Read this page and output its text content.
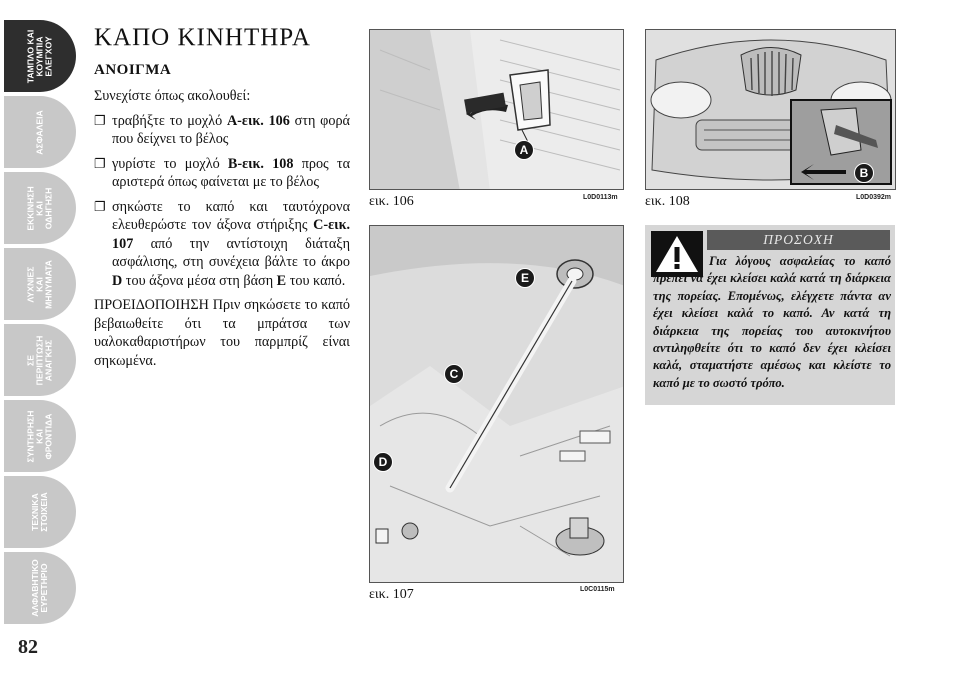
ΤΑΜΠΛΟ ΚΑΙ
ΚΟΥΜΠΙΑ
ΕΛΕΓΧΟΥ
ΑΣΦΑΛΕΙΑ
ΕΚΚΙΝΗΣΗ
ΚΑΙ
ΟΔΗΓΗΣΗ
ΛΥΧΝΙΕΣ
ΚΑΙ
ΜΗΝΥΜΑΤΑ
ΣΕ
ΠΕΡΙΠΤΩΣΗ
ΑΝΑΓΚΗΣ
ΣΥΝΤΗΡΗΣΗ
ΚΑΙ
ΦΡΟΝΤΙΔΑ
ΤΕΧΝΙΚΑ
ΣΤΟΙΧΕΙΑ
ΑΛΦΑΒΗΤΙΚΟ
ΕΥΡΕΤΗΡΙΟ
82
ΚΑΠΟ ΚΙΝΗΤΗΡΑ
ΑΝΟΙΓΜΑ

Συνεχίστε όπως ακολουθεί:

❐ τραβήξτε το μοχλό A-εικ. 106 στη φορά που δείχνει το βέλος
❐ γυρίστε το μοχλό B-εικ. 108 προς τα αριστερά όπως φαίνεται με το βέλος
❐ σηκώστε το καπό και ταυτόχρονα ελευθερώστε τον άξονα στήριξης C-εικ. 107 από την αντίστοιχη διάταξη ασφάλισης, στη συνέχεια βάλτε το άκρο D του άξονα μέσα στη βάση E του καπό.

ΠΡΟΕΙΔΟΠΟΙΗΣΗ Πριν σηκώσετε το καπό βεβαιωθείτε ότι τα μπράτσα των υαλοκαθαριστήρων του παρμπρίζ είναι σηκωμένα.

A
εικ. 106	L0D0113m
B
εικ. 108	L0D0392m
E
C
D
εικ. 107	L0C0115m
ΠΡΟΣΟΧΗ

Για λόγους ασφαλείας το καπό πρέπει να έχει κλείσει καλά κατά τη διάρκεια της πορείας. Επομένως, ελέγχετε πάντα αν έχει κλείσει καλά το καπό. Αν κατά τη διάρκεια της πορείας του αυτοκινήτου αντιληφθείτε ότι το καπό δεν έχει κλείσει καλά, σταματήστε αμέσως και κλείστε το καπό με το σωστό τρόπο.
